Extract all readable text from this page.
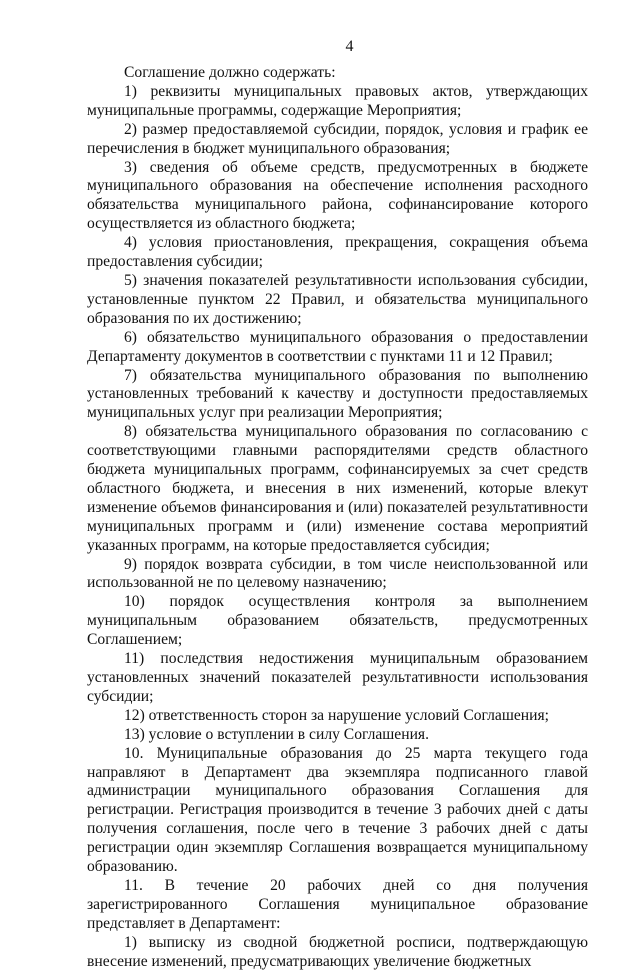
4

Соглашение должно содержать:

1) реквизиты муниципальных правовых актов, утверждающих муниципальные программы, содержащие Мероприятия;

2) размер предоставляемой субсидии, порядок, условия и график ее перечисления в бюджет муниципального образования;

3) сведения об объеме средств, предусмотренных в бюджете муниципального образования на обеспечение исполнения расходного обязательства муниципального района, софинансирование которого осуществляется из областного бюджета;

4) условия приостановления, прекращения, сокращения объема предоставления субсидии;

5) значения показателей результативности использования субсидии, установленные пунктом 22 Правил, и обязательства муниципального образования по их достижению;

6) обязательство муниципального образования о предоставлении Департаменту документов в соответствии с пунктами 11 и 12 Правил;

7) обязательства муниципального образования по выполнению установленных требований к качеству и доступности предоставляемых муниципальных услуг при реализации Мероприятия;

8) обязательства муниципального образования по согласованию с соответствующими главными распорядителями средств областного бюджета муниципальных программ, софинансируемых за счет средств областного бюджета, и внесения в них изменений, которые влекут изменение объемов финансирования и (или) показателей результативности муниципальных программ и (или) изменение состава мероприятий указанных программ, на которые предоставляется субсидия;

9) порядок возврата субсидии, в том числе неиспользованной или использованной не по целевому назначению;

10) порядок осуществления контроля за выполнением муниципальным образованием обязательств, предусмотренных Соглашением;

11) последствия недостижения муниципальным образованием установленных значений показателей результативности использования субсидии;

12) ответственность сторон за нарушение условий Соглашения;

13) условие о вступлении в силу Соглашения.

10. Муниципальные образования до 25 марта текущего года направляют в Департамент два экземпляра подписанного главой администрации муниципального образования Соглашения для регистрации. Регистрация производится в течение 3 рабочих дней с даты получения соглашения, после чего в течение 3 рабочих дней с даты регистрации один экземпляр Соглашения возвращается муниципальному образованию.

11. В течение 20 рабочих дней со дня получения зарегистрированного Соглашения муниципальное образование представляет в Департамент:

1) выписку из сводной бюджетной росписи, подтверждающую внесение изменений, предусматривающих увеличение бюджетных
